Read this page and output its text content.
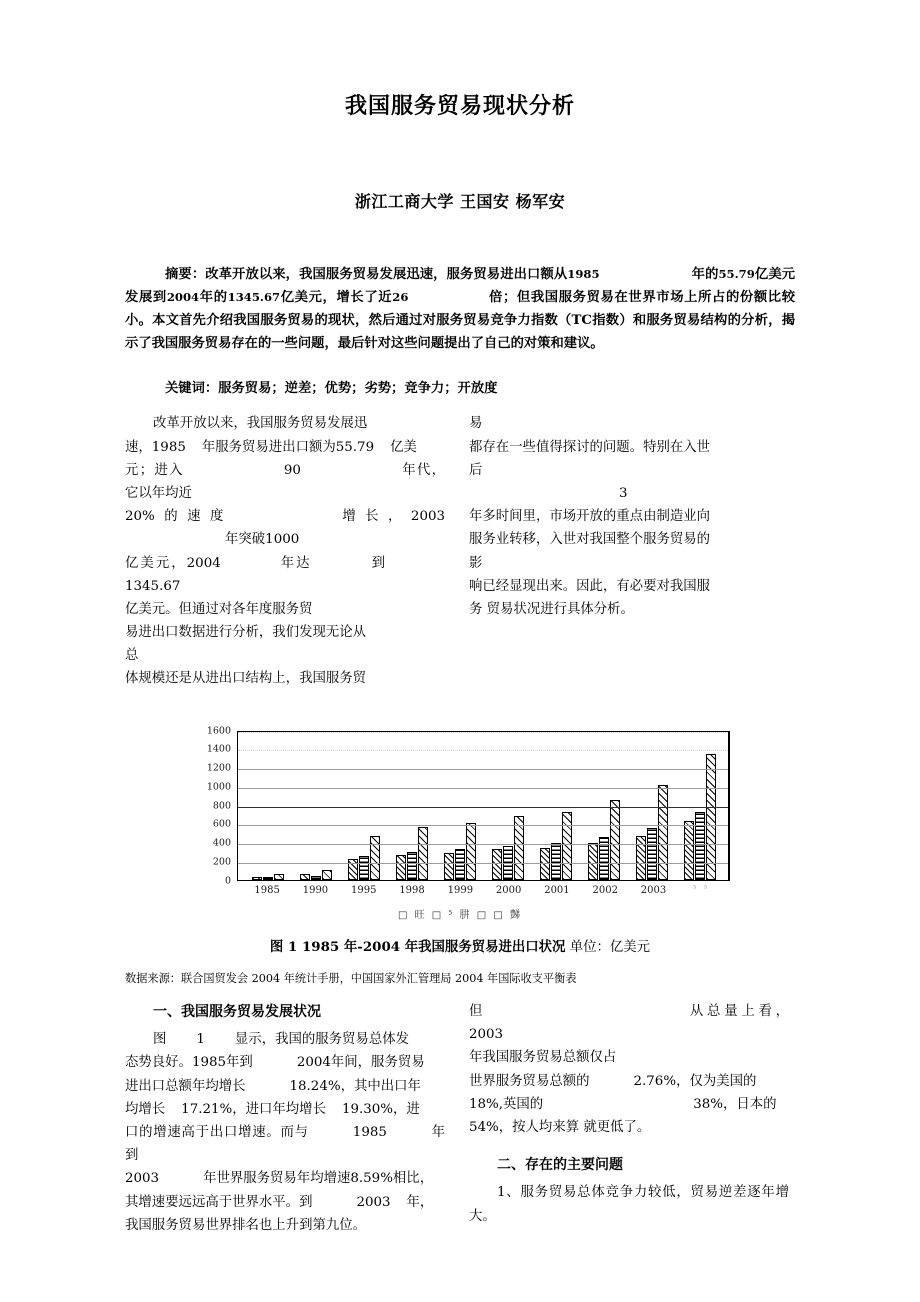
我国服务贸易现状分析
浙江工商大学 王国安 杨军安
摘要：改革开放以来，我国服务贸易发展迅速，服务贸易进出口额从1985	年的55.79亿美元发展到2004年的1345.67亿美元，增长了近26	倍；但我国服务贸易在世界市场上所占的份额比较小。本文首先介绍我国服务贸易的现状，然后通过对服务贸易竞争力指数（TC指数）和服务贸易结构的分析，揭示了我国服务贸易存在的一些问题，最后针对这些问题提出了自己的对策和建议。
关键词：服务贸易；逆差；优势；劣势；竞争力；开放度

改革开放以来，我国服务贸易发展迅
速，1985 年服务贸易进出口额为55.79 亿美
元；进入	90	年代，它以年均近
20%的速度	增长，2003年突破1000
亿美元，2004	年达	到1345.67
亿美元。但通过对各年度服务贸
易进出口数据进行分析，我们发现无论从
总
体规模还是从进出口结构上，我国服务贸

易
都存在一些值得探讨的问题。特别在入世
后3
年多时间里，市场开放的重点由制造业向
服务业转移，入世对我国整个服务贸易的
影
响已经显现出来。因此，有必要对我国服
务 贸易状况进行具体分析。

0
200
400
600
800
1000
1200
1400
1600
1985	1990	1995	1998	1999	2000	2001	2002	2003	⁵ ⁵
□ 旺 □ ⁵ 肼 □ □ 豑
图 1 1985 年-2004 年我国服务贸易进出口状况 单位：亿美元
数据来源：联合国贸发会 2004 年统计手册，中国国家外汇管理局 2004 年国际收支平衡表

一、我国服务贸易发展状况

图 1 显示，我国的服务贸易总体发
态势良好。1985年到	2004年间，服务贸易
进出口总额年均增长	18.24%，其中出口年
均增长 17.21%，进口年均增长 19.30%，进
口的增速高于出口增速。而与	1985	年到
2003	年世界服务贸易年均增速8.59%相比，
其增速要远远高于世界水平。到	2003 年，
我国服务贸易世界排名也上升到第九位。

但	从总量上看，2003
年我国服务贸易总额仅占
世界服务贸易总额的	2.76%，仅为美国的
18%,英国的	38%，日本的
54%，按人均来算 就更低了。

二、存在的主要问题

1、服务贸易总体竞争力较低，贸易逆差逐年增大。
